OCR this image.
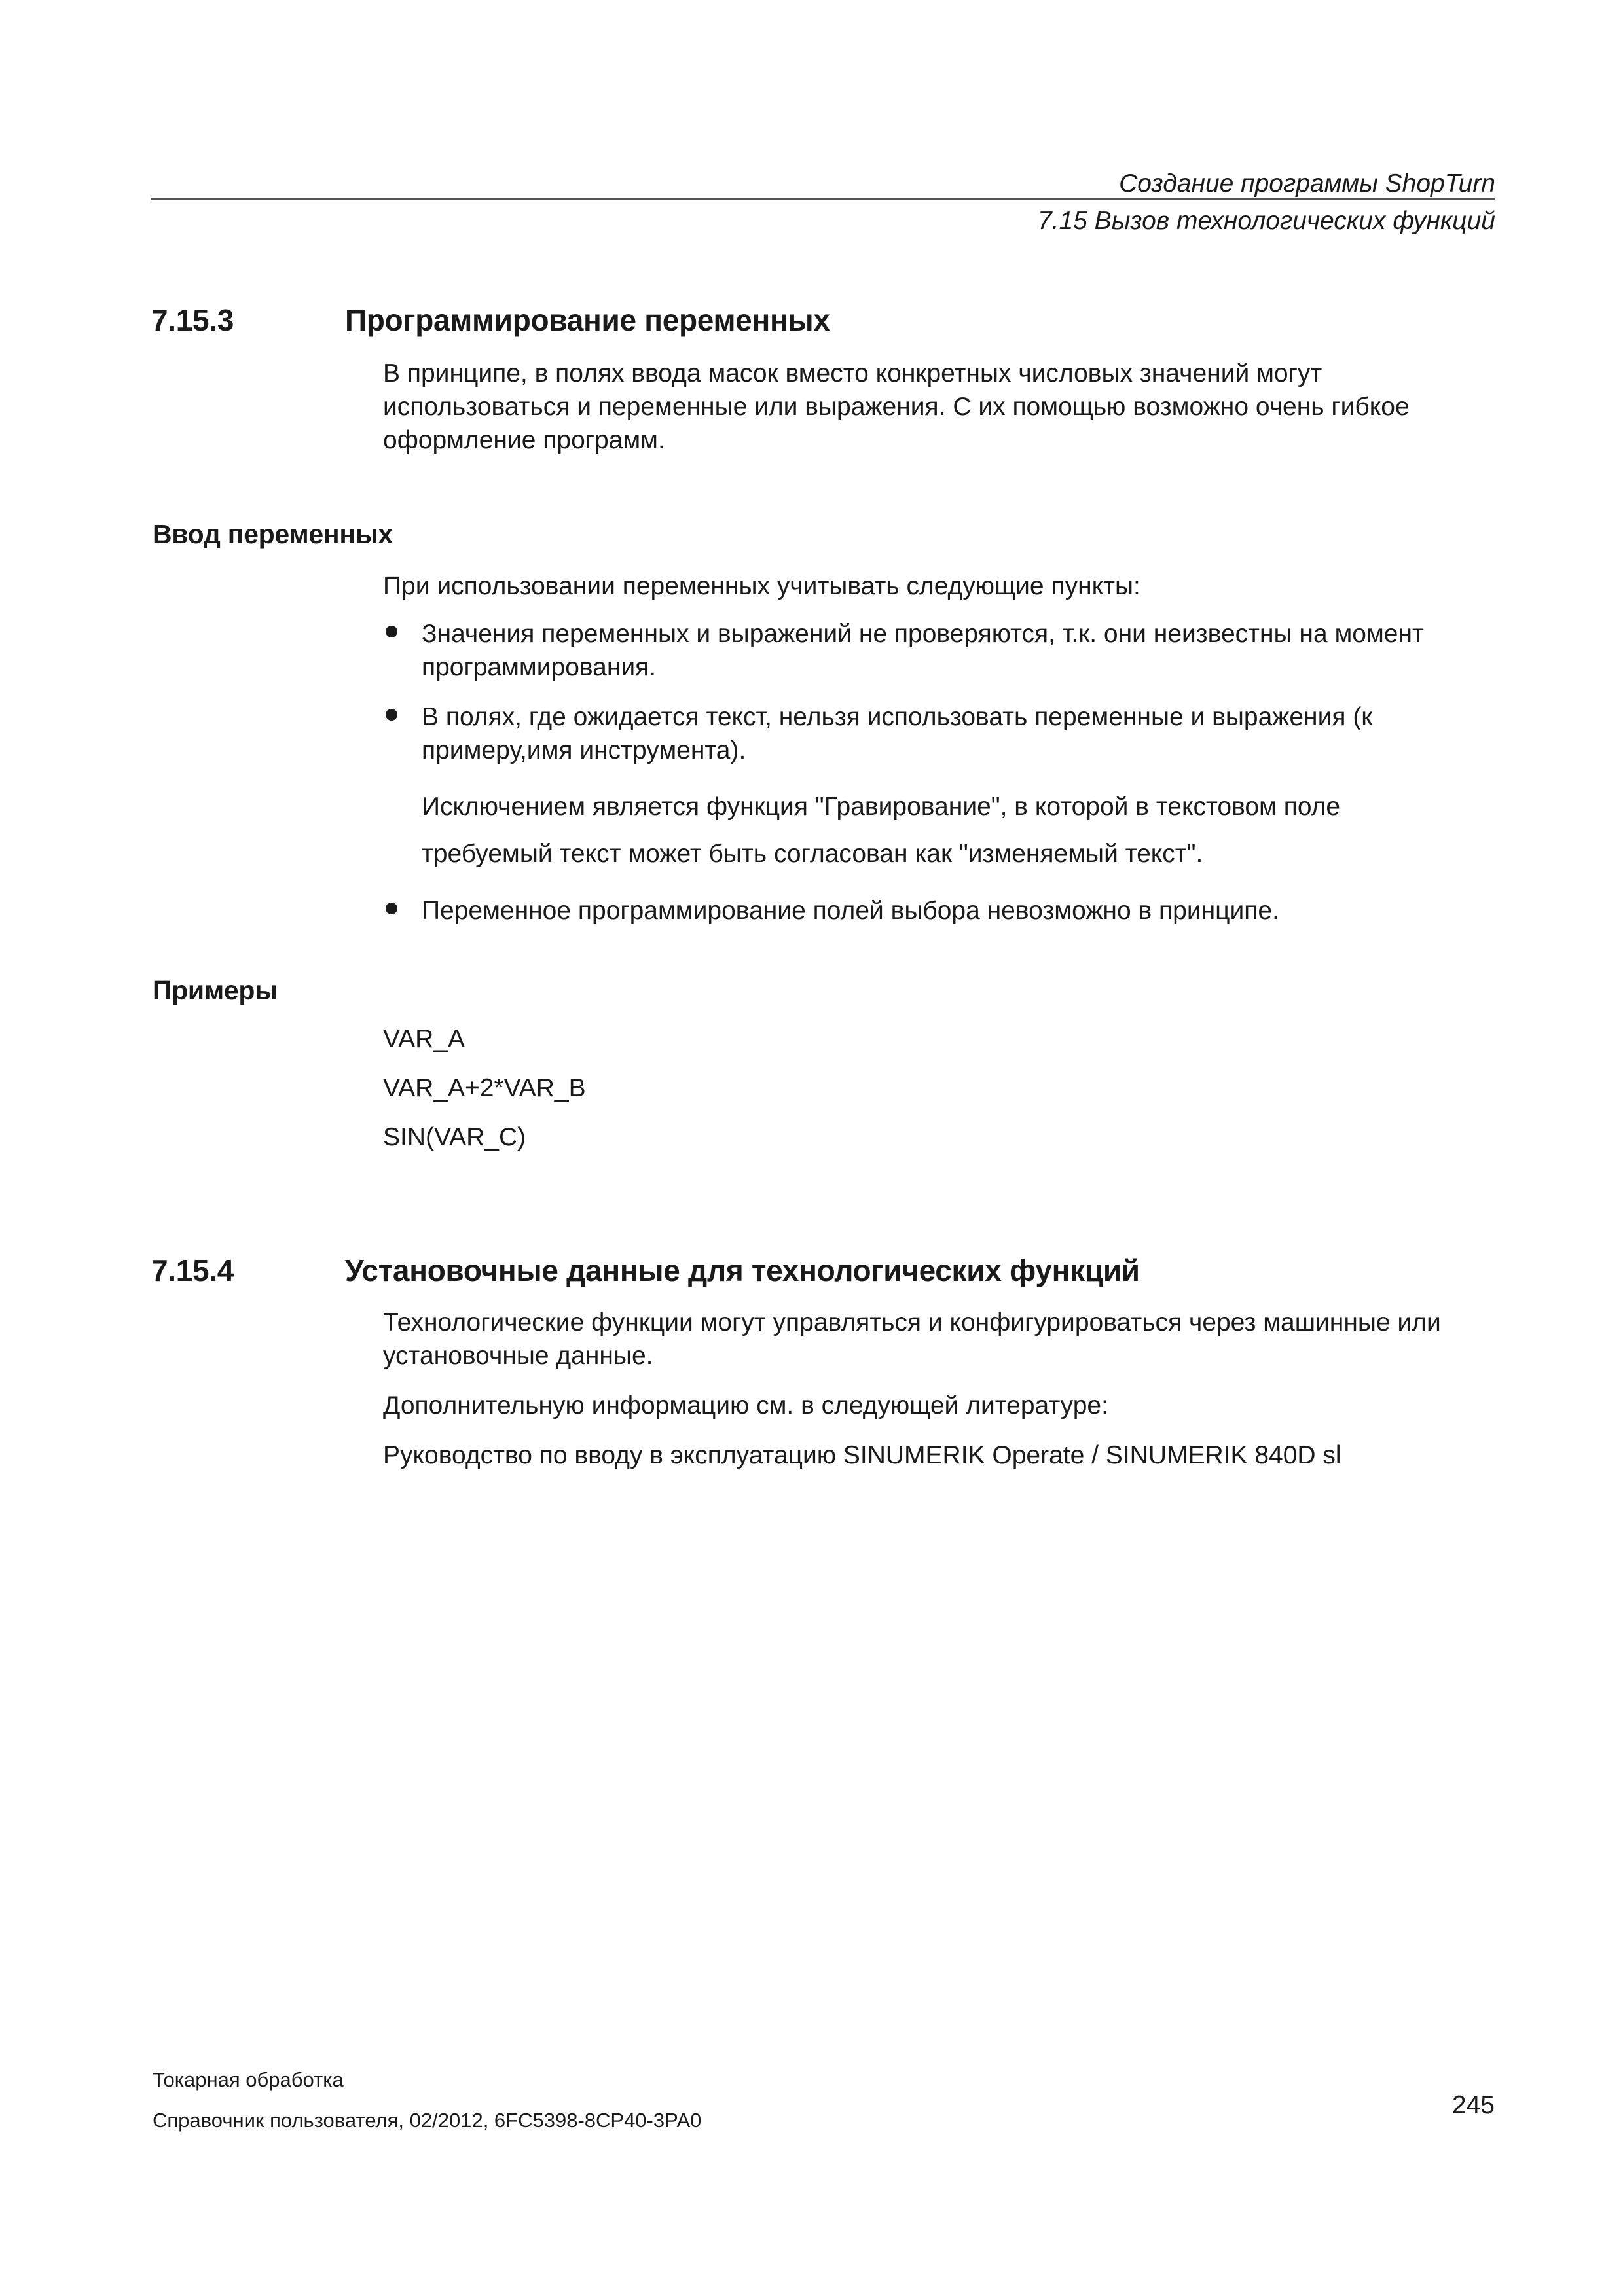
Создание программы ShopTurn
7.15 Вызов технологических функций
7.15.3	Программирование переменных

В принципе, в полях ввода масок вместо конкретных числовых значений могут использоваться и переменные или выражения. С их помощью возможно очень гибкое оформление программ.

Ввод переменных

При использовании переменных учитывать следующие пункты:

Значения переменных и выражений не проверяются, т.к. они неизвестны на момент программирования.
В полях, где ожидается текст, нельзя использовать переменные и выражения (к примеру,имя инструмента).
Исключением является функция "Гравирование", в которой в текстовом поле
требуемый текст может быть согласован как "изменяемый текст".
Переменное программирование полей выбора невозможно в принципе.
Примеры
VAR_A
VAR_A+2*VAR_B
SIN(VAR_C)
7.15.4	Установочные данные для технологических функций

Технологические функции могут управляться и конфигурироваться через машинные или установочные данные.

Дополнительную информацию см. в следующей литературе:

Руководство по вводу в эксплуатацию SINUMERIK Operate / SINUMERIK 840D sl

Токарная обработка
Справочник пользователя, 02/2012, 6FC5398-8CP40-3PA0
245
